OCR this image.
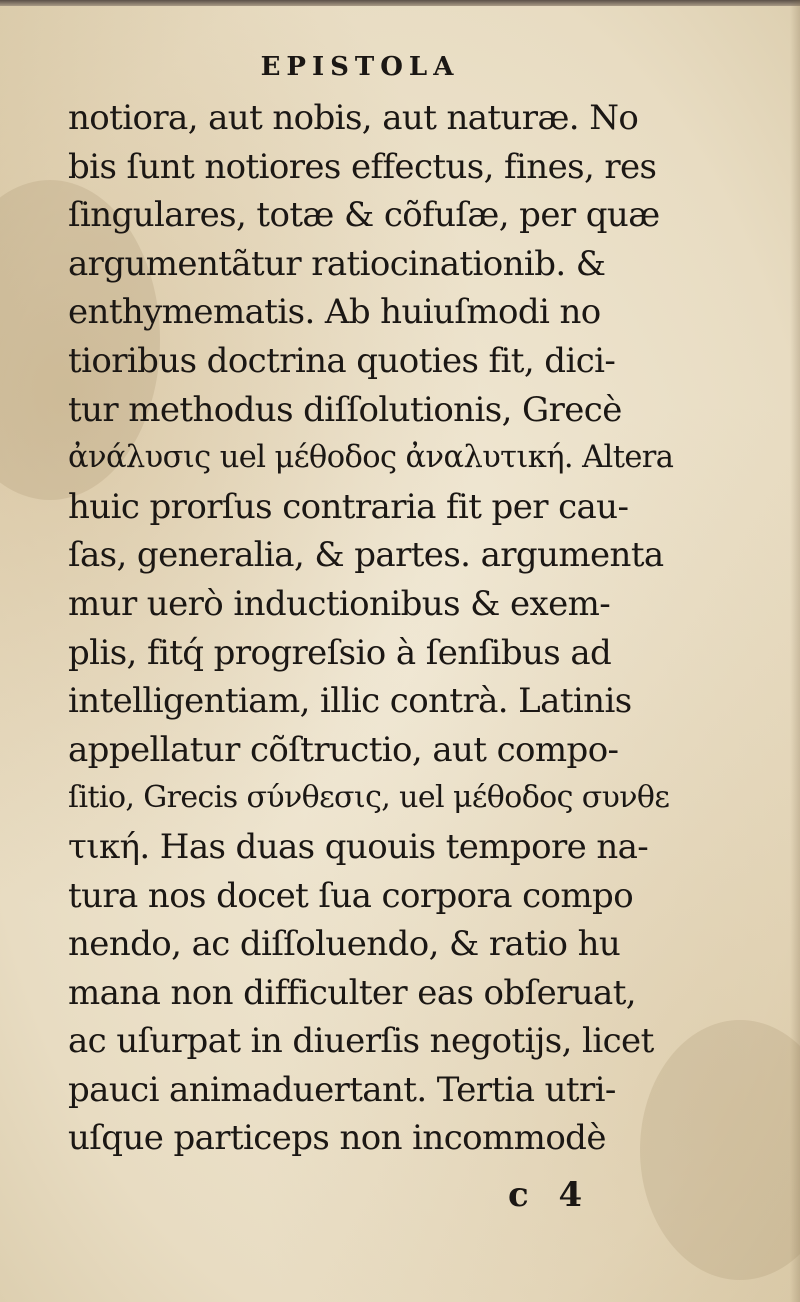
EPISTOLA
notiora, aut nobis, aut naturæ. No
bis ſunt notiores effectus, fines, res
ſingulares, totæ & cõfuſæ, per quæ
argumentãtur ratiocinationib. &
enthymematis. Ab huiuſmodi no
tioribus doctrina quoties fit, dici-
tur methodus diſſolutionis, Grecè
ἀνάλυσις uel μέθοδος ἀναλυτική. Altera
huic prorſus contraria fit per cau-
ſas, generalia, & partes. argumenta
mur uerò inductionibus & exem-
plis, fitq́ progreſsio à ſenſibus ad
intelligentiam, illic contrà. Latinis
appellatur cõſtructio, aut compo-
ſitio, Grecis σύνθεσις, uel μέθοδος συνθε
τική. Has duas quouis tempore na-
tura nos docet ſua corpora compo
nendo, ac diſſoluendo, & ratio hu
mana non difficulter eas obſeruat,
ac uſurpat in diuerſis negotijs, licet
pauci animaduertant. Tertia utri-
uſque particeps non incommodè
c 4
